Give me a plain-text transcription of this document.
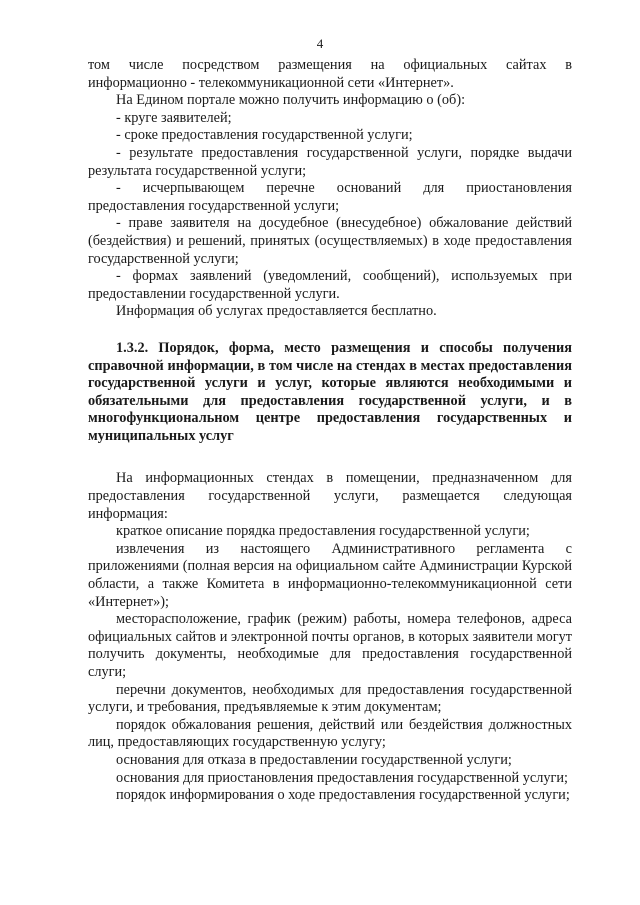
4

том числе посредством размещения на официальных сайтах в

информационно - телекоммуникационной сети «Интернет».

На Едином портале можно получить информацию о (об):

- круге заявителей;

- сроке предоставления государственной услуги;

- результате предоставления государственной услуги, порядке выдачи результата государственной услуги;

- исчерпывающем перечне оснований для приостановления предоставления государственной услуги;

- праве заявителя на досудебное (внесудебное) обжалование действий (бездействия) и решений, принятых (осуществляемых) в ходе предоставления государственной услуги;

- формах заявлений (уведомлений, сообщений), используемых при предоставлении государственной услуги.

Информация об услугах предоставляется бесплатно.

1.3.2. Порядок, форма, место размещения и способы получения справочной информации, в том числе на стендах в местах предоставления государственной услуги и услуг, которые являются необходимыми и обязательными для предоставления государственной услуги, и в многофункциональном центре предоставления государственных и муниципальных услуг

На информационных стендах в помещении, предназначенном для предоставления государственной услуги, размещается следующая информация:

краткое описание порядка предоставления государственной услуги;

извлечения из настоящего Административного регламента с приложениями (полная версия на официальном сайте Администрации Курской области, а также Комитета в информационно-телекоммуникационной сети «Интернет»);

месторасположение, график (режим) работы, номера телефонов, адреса официальных сайтов и электронной почты органов, в которых заявители могут получить документы, необходимые для предоставления государственной слуги;

перечни документов, необходимых для предоставления государственной услуги, и требования, предъявляемые к этим документам;

порядок обжалования решения, действий или бездействия должностных лиц, предоставляющих государственную услугу;

основания для отказа в предоставлении государственной услуги;

основания для приостановления предоставления государственной услуги;

порядок информирования о ходе предоставления государственной услуги;
